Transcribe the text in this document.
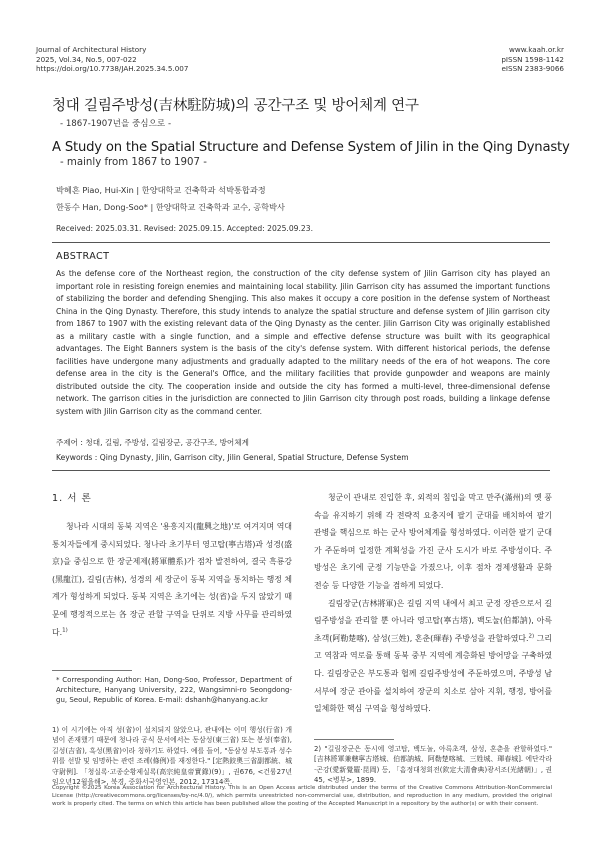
Journal of Architectural History
2025, Vol.34, No.5, 007-022
https://doi.org/10.7738/JAH.2025.34.5.007
www.kaah.or.kr
pISSN 1598-1142
eISSN 2383-9066
청대 길림주방성(吉林駐防城)의 공간구조 및 방어체계 연구
- 1867-1907년을 중심으로 -
A Study on the Spatial Structure and Defense System of Jilin in the Qing Dynasty
- mainly from 1867 to 1907 -
박혜흔 Piao, Hui-Xin | 한양대학교 건축학과 석박통합과정
한동수 Han, Dong-Soo* | 한양대학교 건축학과 교수, 공학박사
Received: 2025.03.31. Revised: 2025.09.15. Accepted: 2025.09.23.
ABSTRACT
As the defense core of the Northeast region, the construction of the city defense system of Jilin Garrison city has played an important role in resisting foreign enemies and maintaining local stability. Jilin Garrison city has assumed the important functions of stabilizing the border and defending Shengjing. This also makes it occupy a core position in the defense system of Northeast China in the Qing Dynasty. Therefore, this study intends to analyze the spatial structure and defense system of Jilin garrison city from 1867 to 1907 with the existing relevant data of the Qing Dynasty as the center. Jilin Garrison City was originally established as a military castle with a single function, and a simple and effective defense structure was built with its geographical advantages. The Eight Banners system is the basis of the city's defense system. With different historical periods, the defense facilities have undergone many adjustments and gradually adapted to the military needs of the era of hot weapons. The core defense area in the city is the General's Office, and the military facilities that provide gunpowder and weapons are mainly distributed outside the city. The cooperation inside and outside the city has formed a multi-level, three-dimensional defense network. The garrison cities in the jurisdiction are connected to Jilin Garrison city through post roads, building a linkage defense system with Jilin Garrison city as the command center.
주제어 : 청대, 길림, 주방성, 길림장군, 공간구조, 방어체계
Keywords : Qing Dynasty, Jilin, Garrison city, Jilin General, Spatial Structure, Defense System
1. 서 론
청나라 시대의 동북 지역은 '용흥지지(龍興之地)'로 여겨지며 역대 통치자들에게 중시되었다. 청나라 초기부터 영고탑(寧古塔)과 성경(盛京)을 중심으로 한 장군제제(將軍體系)가 점차 발전하여, 결국 흑룡강(黑龍江), 길림(吉林), 성경의 세 장군이 동북 지역을 통치하는 행정 체계가 형성하게 되었다. 동북 지역은 초기에는 성(省)을 두지 않았기 때문에 행정적으로는 各 장군 관할 구역을 단위로 지방 사무를 관리하였다.$^{1)}$

청군이 관내로 진입한 후, 외적의 침입을 막고 만주(滿州)의 옛 풍속을 유지하기 위해 각 전략적 요충지에 팔기 군대를 배치하여 팔기 관병을 핵심으로 하는 군사 방어체계를 형성하였다. 이러한 팔기 군대가 주둔하며 일정한 계획성을 가진 군사 도시가 바로 주방성이다. 주방성은 초기에 군정 기능만을 가졌으나, 이후 점차 경제생활과 문화 전승 등 다양한 기능을 겸하게 되었다.

길림장군(吉林將軍)은 길림 지역 내에서 최고 군정 장관으로서 길림주방성을 관리할 뿐 아니라 영고탑(寧古塔), 백도눌(伯都訥), 아륵초객(阿勒楚喀), 삼성(三姓), 혼춘(琿春) 주방성을 관할하였다.$^{2)}$ 그리고 역참과 역로를 통해 동북 중부 지역에 계층화된 방어망을 구축하였다. 길림장군은 부도통과 협께 길림주방성에 주둔하였으며, 주방성 남서부에 장군 관아를 설치하여 장군의 치소로 삼아 지휘, 행정, 방어를 일체화한 핵심 구역을 형성하였다.

* Corresponding Author: Han, Dong-Soo, Professor, Department of Architecture, Hanyang University, 222, Wangsimni-ro Seongdong-gu, Seoul, Republic of Korea. E-mail: dshanh@hanyang.ac.kr
1) 이 시기에는 아직 성(省)이 설치되지 않았으나, 관내에는 이미 행성(行省) 개념이 존재했기 때문에 청나라 공식 문서에서는 동삼성(東三省) 또는 봉성(奉省), 길성(吉省), 흑성(黑省)이라 칭하기도 하였다. 예를 들어, "동삼성 부도통과 성수위를 선발 및 임명하는 관련 조례(條例)를 재정한다." [定熱鉸奧三省副都統、城守尉例]. 「청실록·고종순황제실록(高宗純皇帝實錄)(9)」, 권676, <건륭27년임오년12월을해>, 북경, 중화서국영인본, 2012, 17314쪽.
2) "길림장군은 동시에 영고탑, 백도눌, 아륵초객, 삼성, 혼춘을 관할하였다." [吉林將軍兼轄寧古塔城、伯都訥城、阿勒楚喀城、三姓城、琿春城]. 에단각라·곤강(愛新覺羅·昆岡) 등, 「흠정대청회전(欽定大清會典)광서조(光緒朝)」, 권45, <병부>, 1899.
Copyright ©2025 Korea Association for Architectural History. This is an Open Access article distributed under the terms of the Creative Commons Attribution-NonCommercial License (http://creativecommons.org/licenses/by-nc/4.0/), which permits unrestricted non-commercial use, distribution, and reproduction in any medium, provided the original work is properly cited. The terms on which this article has been published allow the posting of the Accepted Manuscript in a repository by the author(s) or with their consent.
